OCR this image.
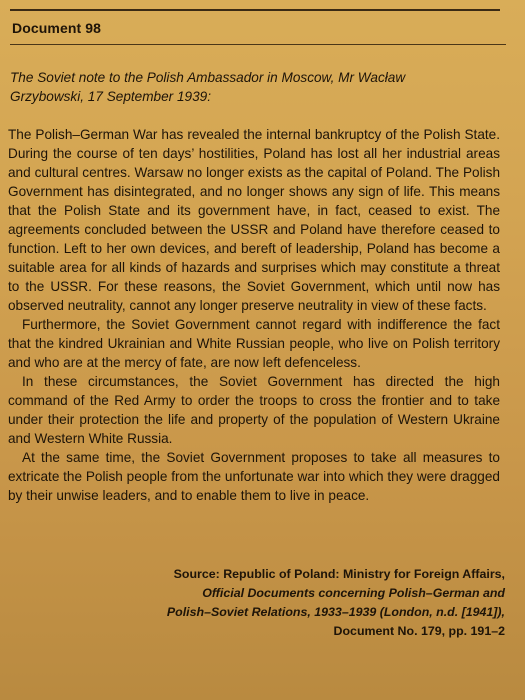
Document 98
The Soviet note to the Polish Ambassador in Moscow, Mr Wacław
Grzybowski, 17 September 1939:

The Polish–German War has revealed the internal bankruptcy of the Polish State. During the course of ten days’ hostilities, Poland has lost all her industrial areas and cultural centres. Warsaw no longer exists as the capital of Poland. The Polish Government has disintegrated, and no longer shows any sign of life. This means that the Polish State and its government have, in fact, ceased to exist. The agreements concluded between the USSR and Poland have therefore ceased to function. Left to her own devices, and bereft of leadership, Poland has become a suitable area for all kinds of hazards and surprises which may constitute a threat to the USSR. For these reasons, the Soviet Government, which until now has observed neutrality, cannot any longer preserve neutrality in view of these facts.

Furthermore, the Soviet Government cannot regard with indifference the fact that the kindred Ukrainian and White Russian people, who live on Polish territory and who are at the mercy of fate, are now left defenceless.

In these circumstances, the Soviet Government has directed the high command of the Red Army to order the troops to cross the frontier and to take under their protection the life and property of the population of Western Ukraine and Western White Russia.

At the same time, the Soviet Government proposes to take all measures to extricate the Polish people from the unfortunate war into which they were dragged by their unwise leaders, and to enable them to live in peace.

Source: Republic of Poland: Ministry for Foreign Affairs,
Official Documents concerning Polish–German and
Polish–Soviet Relations, 1933–1939 (London, n.d. [1941]),
Document No. 179, pp. 191–2
